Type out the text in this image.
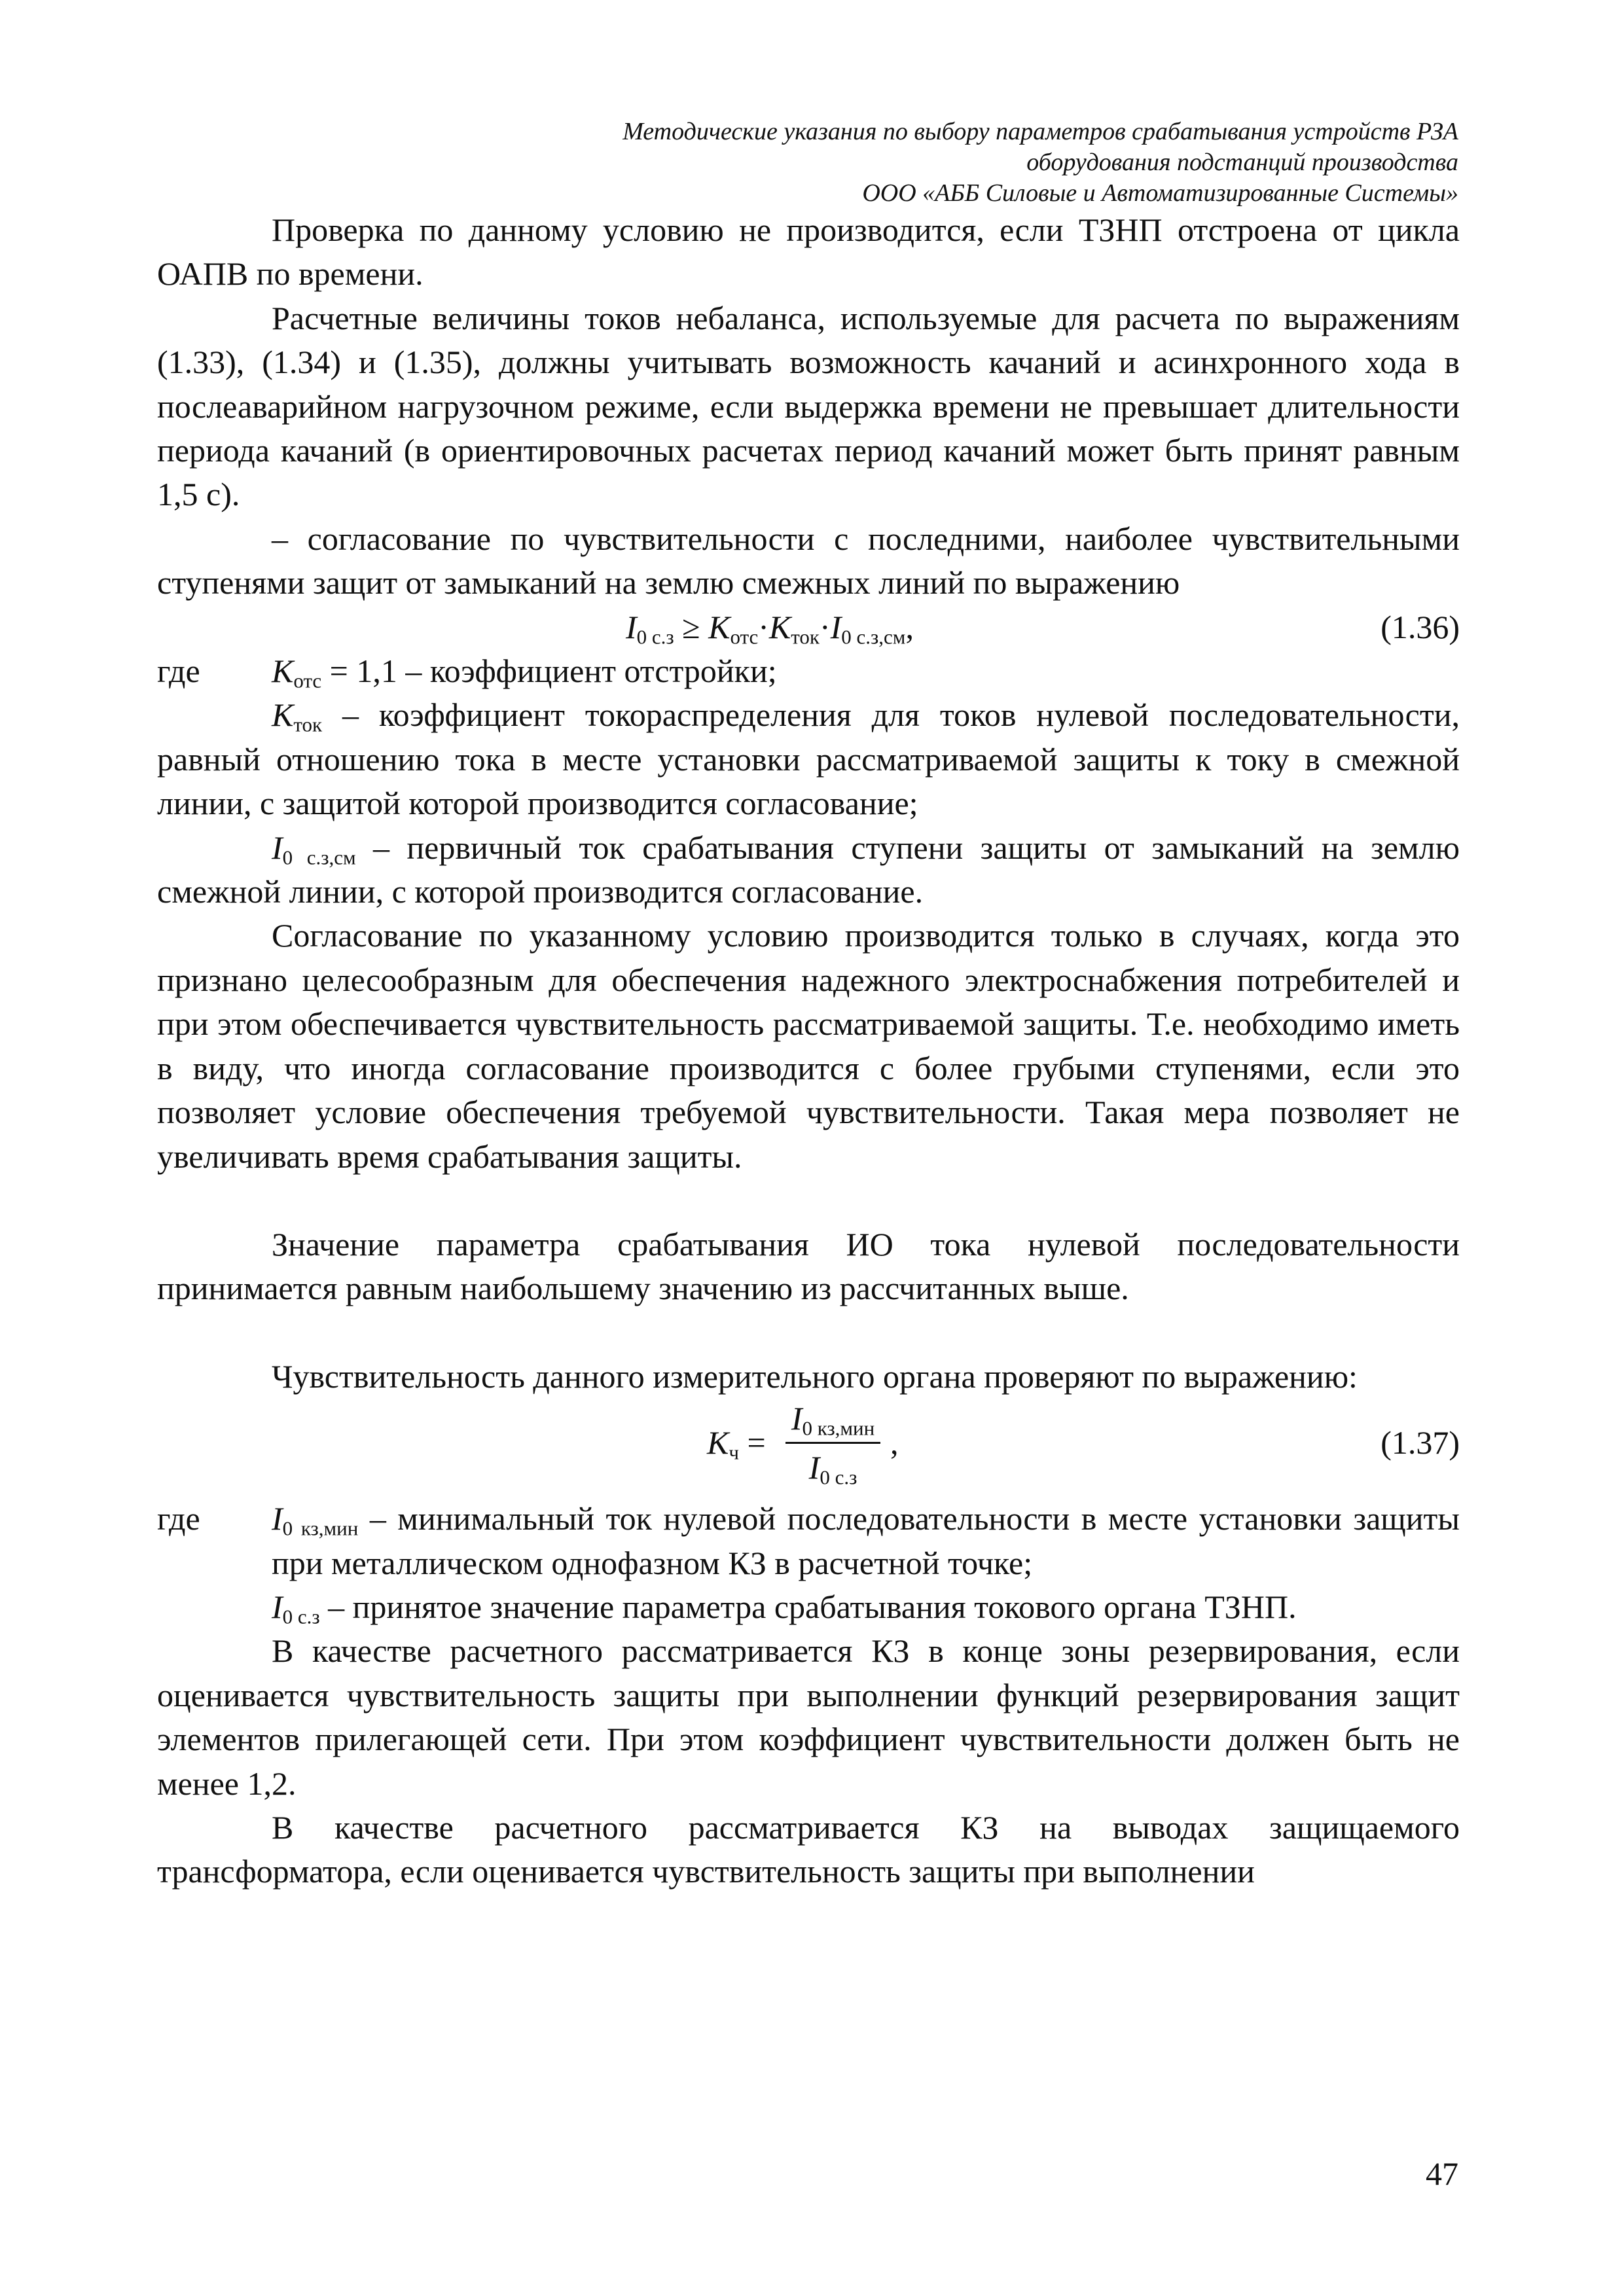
Методические указания по выбору параметров срабатывания устройств РЗА
оборудования подстанций производства
ООО «АББ Силовые и Автоматизированные Системы»

Проверка по данному условию не производится, если ТЗНП отстроена от цикла ОАПВ по времени.

Расчетные величины токов небаланса, используемые для расчета по выражениям (1.33), (1.34) и (1.35), должны учитывать возможность качаний и асинхронного хода в послеаварийном нагрузочном режиме, если выдержка времени не превышает длительности периода качаний (в ориентировочных расчетах период качаний может быть принят равным 1,5 с).

– согласование по чувствительности с последними, наиболее чувствительными ступенями защит от замыканий на землю смежных линий по выражению

$I_{0 с.з} \ge K_{отс}\cdot K_{ток}\cdot I_{0 с.з,см}$,	(1.36)
где	$K_{отс} = 1,1$ – коэффициент отстройки;

$K_{ток}$ – коэффициент токораспределения для токов нулевой последовательности, равный отношению тока в месте установки рассматриваемой защиты к току в смежной линии, с защитой которой производится согласование;

$I_{0 с.з,см}$ – первичный ток срабатывания ступени защиты от замыканий на землю смежной линии, с которой производится согласование.

Согласование по указанному условию производится только в случаях, когда это признано целесообразным для обеспечения надежного электроснабжения потребителей и при этом обеспечивается чувствительность рассматриваемой защиты. Т.е. необходимо иметь в виду, что иногда согласование производится с более грубыми ступенями, если это позволяет условие обеспечения требуемой чувствительности. Такая мера позволяет не увеличивать время срабатывания защиты.

Значение параметра срабатывания ИО тока нулевой последовательности принимается равным наибольшему значению из рассчитанных выше.

Чувствительность данного измерительного органа проверяют по выражению:

$K_ч$ =
$I_{0 кз,мин}$
$I_{0 с.з}$
,	(1.37)
где	$I_{0 кз,мин}$ – минимальный ток нулевой последовательности в месте установки защиты при металлическом однофазном КЗ в расчетной точке;

$I_{0 с.з}$ – принятое значение параметра срабатывания токового органа ТЗНП.

В качестве расчетного рассматривается КЗ в конце зоны резервирования, если оценивается чувствительность защиты при выполнении функций резервирования защит элементов прилегающей сети. При этом коэффициент чувствительности должен быть не менее 1,2.

В качестве расчетного рассматривается КЗ на выводах защищаемого трансформатора, если оценивается чувствительность защиты при выполнении

47
